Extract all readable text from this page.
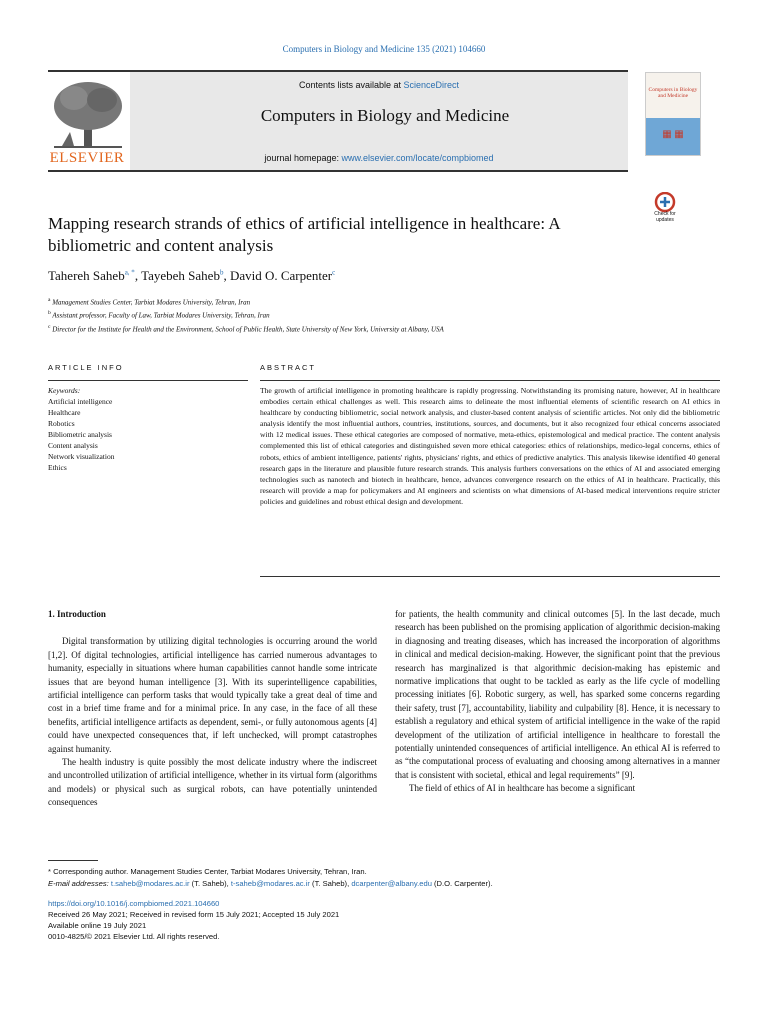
Computers in Biology and Medicine 135 (2021) 104660
ELSEVIER
Contents lists available at ScienceDirect
Computers in Biology and Medicine
journal homepage: www.elsevier.com/locate/compbiomed
Computers in Biology and Medicine
▦ ▦
Check for updates
Mapping research strands of ethics of artificial intelligence in healthcare: A bibliometric and content analysis
Tahereh Saheb$^{a, *}$, Tayebeh Saheb$^b$, David O. Carpenter$^c$
$^a$ Management Studies Center, Tarbiat Modares University, Tehran, Iran
$^b$ Assistant professor, Faculty of Law, Tarbiat Modares University, Tehran, Iran
$^c$ Director for the Institute for Health and the Environment, School of Public Health, State University of New York, University at Albany, USA
ARTICLE INFO	ABSTRACT
Keywords:
Artificial intelligence
Healthcare
Robotics
Bibliometric analysis
Content analysis
Network visualization
Ethics
The growth of artificial intelligence in promoting healthcare is rapidly progressing. Notwithstanding its promising nature, however, AI in healthcare embodies certain ethical challenges as well. This research aims to delineate the most influential elements of scientific research on AI ethics in healthcare by conducting bibliometric, social network analysis, and cluster-based content analysis of scientific articles. Not only did the bibliometric analysis identify the most influential authors, countries, institutions, sources, and documents, but it also recognized four ethical concerns associated with 12 medical issues. These ethical categories are composed of normative, meta-ethics, epistemological and medical practice. The content analysis complemented this list of ethical categories and distinguished seven more ethical categories: ethics of relationships, medico-legal concerns, ethics of robots, ethics of ambient intelligence, patients' rights, physicians' rights, and ethics of predictive analytics. This analysis likewise identified 40 general research gaps in the literature and plausible future research strands. This analysis furthers conversations on the ethics of AI and associated emerging technologies such as nanotech and biotech in healthcare, hence, advances convergence research on the ethics of AI in healthcare. Practically, this research will provide a map for policymakers and AI engineers and scientists on what dimensions of AI-based medical interventions require stricter policies and guidelines and robust ethical design and development.
1. Introduction

Digital transformation by utilizing digital technologies is occurring around the world [1,2]. Of digital technologies, artificial intelligence has carried numerous advantages to humanity, especially in situations where human capabilities cannot handle some intricate issues that are beyond human intelligence [3]. With its superintelligence capabilities, artificial intelligence can perform tasks that would typically take a great deal of time and cost in a brief time frame and for a minimal price. In any case, in the face of all these benefits, artificial intelligence artifacts as dependent, semi-, or fully autonomous agents [4] could have unexpected consequences that, if left unchecked, will prompt catastrophes against humanity.

The health industry is quite possibly the most delicate industry where the indiscreet and uncontrolled utilization of artificial intelligence, whether in its virtual form (algorithms and models) or physical such as surgical robots, can have potentially unintended consequences

for patients, the health community and clinical outcomes [5]. In the last decade, much research has been published on the promising application of algorithmic decision-making in diagnosing and treating diseases, which has increased the incorporation of algorithms in clinical and medical decision-making. However, the significant point that the previous research has marginalized is that algorithmic decision-making has epistemic and normative implications that ought to be tackled as early as the life cycle of modelling processing initiates [6]. Robotic surgery, as well, has sparked some concerns regarding their safety, trust [7], accountability, liability and culpability [8]. Hence, it is necessary to establish a regulatory and ethical system of artificial intelligence in the wake of the rapid development of the utilization of artificial intelligence in healthcare to forestall the potentially unintended consequences of artificial intelligence. An ethical AI is referred to as “the computational process of evaluating and choosing among alternatives in a manner that is consistent with societal, ethical and legal requirements” [9].

The field of ethics of AI in healthcare has become a significant

* Corresponding author. Management Studies Center, Tarbiat Modares University, Tehran, Iran.
E-mail addresses: t.saheb@modares.ac.ir (T. Saheb), t-saheb@modares.ac.ir (T. Saheb), dcarpenter@albany.edu (D.O. Carpenter).
https://doi.org/10.1016/j.compbiomed.2021.104660
Received 26 May 2021; Received in revised form 15 July 2021; Accepted 15 July 2021
Available online 19 July 2021
0010-4825/© 2021 Elsevier Ltd. All rights reserved.
